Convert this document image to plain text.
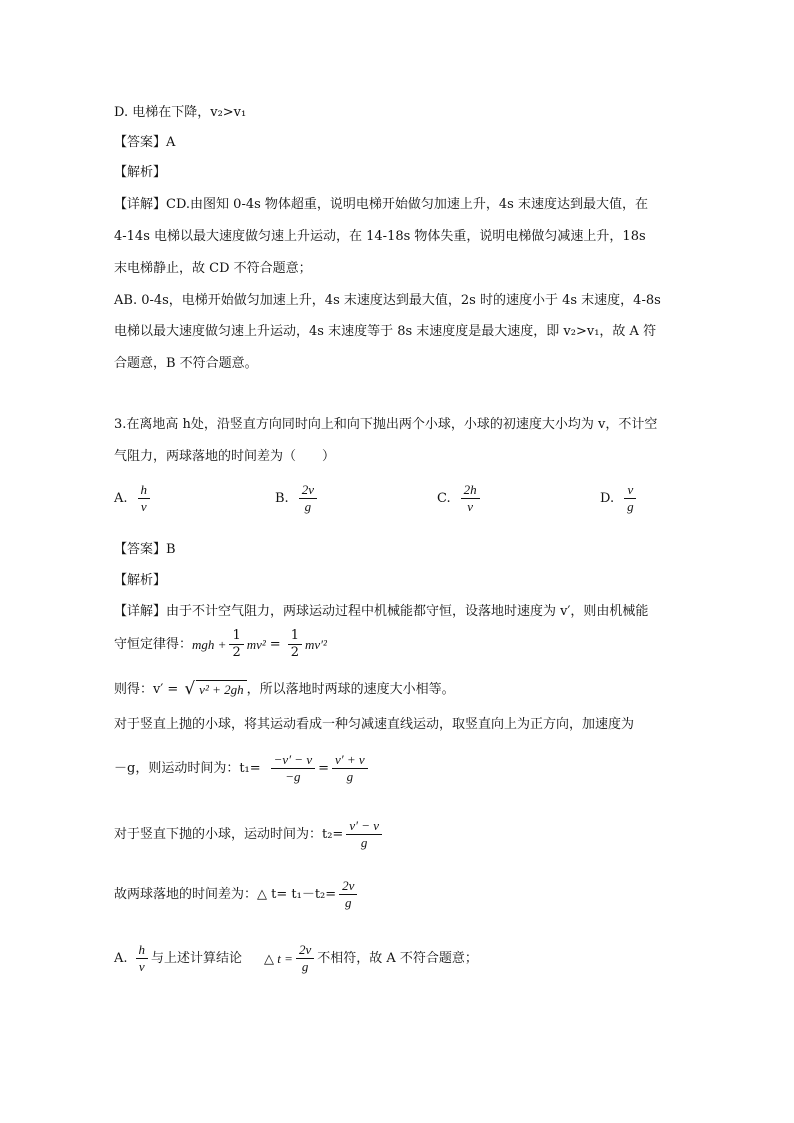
D. 电梯在下降，v₂>v₁
【答案】A
【解析】
【详解】CD.由图知 0-4s 物体超重，说明电梯开始做匀加速上升，4s 末速度达到最大值，在
4-14s 电梯以最大速度做匀速上升运动，在 14-18s 物体失重，说明电梯做匀减速上升，18s
末电梯静止，故 CD 不符合题意；
AB. 0-4s，电梯开始做匀加速上升，4s 末速度达到最大值，2s 时的速度小于 4s 末速度，4-8s
电梯以最大速度做匀速上升运动，4s 末速度等于 8s 末速度度是最大速度，即 v₂>v₁，故 A 符
合题意，B 不符合题意。
3.在离地高 h处，沿竖直方向同时向上和向下抛出两个小球，小球的初速度大小均为 v，不计空
气阻力，两球落地的时间差为（　　）
A. $\frac{h}{v}$	B. $\frac{2v}{g}$	C. $\frac{2h}{v}$	D. $\frac{v}{g}$
【答案】B
【解析】
【详解】由于不计空气阻力，两球运动过程中机械能都守恒，设落地时速度为 v′，则由机械能
守恒定律得： mgh + $\frac{1}{2} mv^2 = \frac{1}{2} mv'^2$
则得：v′ = √ v² + 2gh ，所以落地时两球的速度大小相等。
对于竖直上抛的小球，将其运动看成一种匀减速直线运动，取竖直向上为正方向，加速度为
－g，则运动时间为：$t_1= \frac{-v' - v}{-g} = \frac{v' + v}{g}$
对于竖直下抛的小球，运动时间为：$t_2= \frac{v' - v}{g}$
故两球落地的时间差为：△ $t= t_1-t_2= \frac{2v}{g}$
A. $\frac{h}{v}$ 与上述计算结论 △ $t = \frac{2v}{g}$ 不相符，故 A 不符合题意；
